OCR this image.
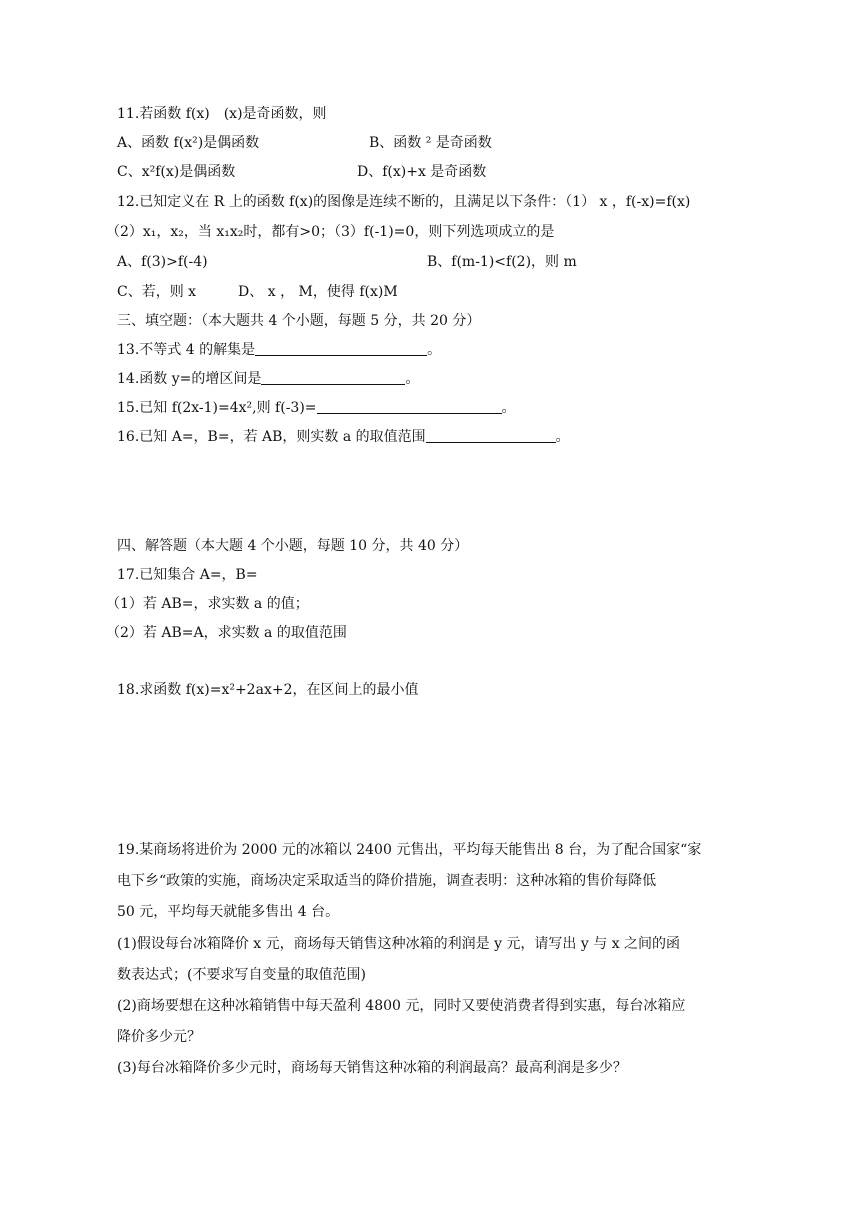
11.若函数 f(x)　(x)是奇函数，则
A、函数 f(x²)是偶函数	B、函数 ² 是奇函数
C、x²f(x)是偶函数	D、f(x)+x 是奇函数
12.已知定义在 R 上的函数 f(x)的图像是连续不断的，且满足以下条件：（1） x ，f(-x)=f(x)
（2）x₁，x₂，当 x₁x₂时，都有>0；（3）f(-1)=0，则下列选项成立的是
A、f(3)>f(-4)	B、f(m-1)<f(2)，则 m
C、若，则 x　　　D、 x ， M，使得 f(x)M
三、填空题：（本大题共 4 个小题，每题 5 分，共 20 分）
13.不等式 4 的解集是	。
14.函数 y=的增区间是	。
15.已知 f(2x-1)=4x²,则 f(-3)=	。
16.已知 A=，B=，若 AB，则实数 a 的取值范围	。
四、解答题（本大题 4 个小题，每题 10 分，共 40 分）
17.已知集合 A=，B=
（1）若 AB=，求实数 a 的值；
（2）若 AB=A，求实数 a 的取值范围
18.求函数 f(x)=x²+2ax+2，在区间上的最小值
19.某商场将进价为 2000 元的冰箱以 2400 元售出，平均每天能售出 8 台，为了配合国家“家
电下乡“政策的实施，商场决定采取适当的降价措施，调查表明：这种冰箱的售价每降低
50 元，平均每天就能多售出 4 台。
(1)假设每台冰箱降价 x 元，商场每天销售这种冰箱的利润是 y 元，请写出 y 与 x 之间的函
数表达式；(不要求写自变量的取值范围)
(2)商场要想在这种冰箱销售中每天盈利 4800 元，同时又要使消费者得到实惠，每台冰箱应
降价多少元？
(3)每台冰箱降价多少元时，商场每天销售这种冰箱的利润最高？最高利润是多少？
